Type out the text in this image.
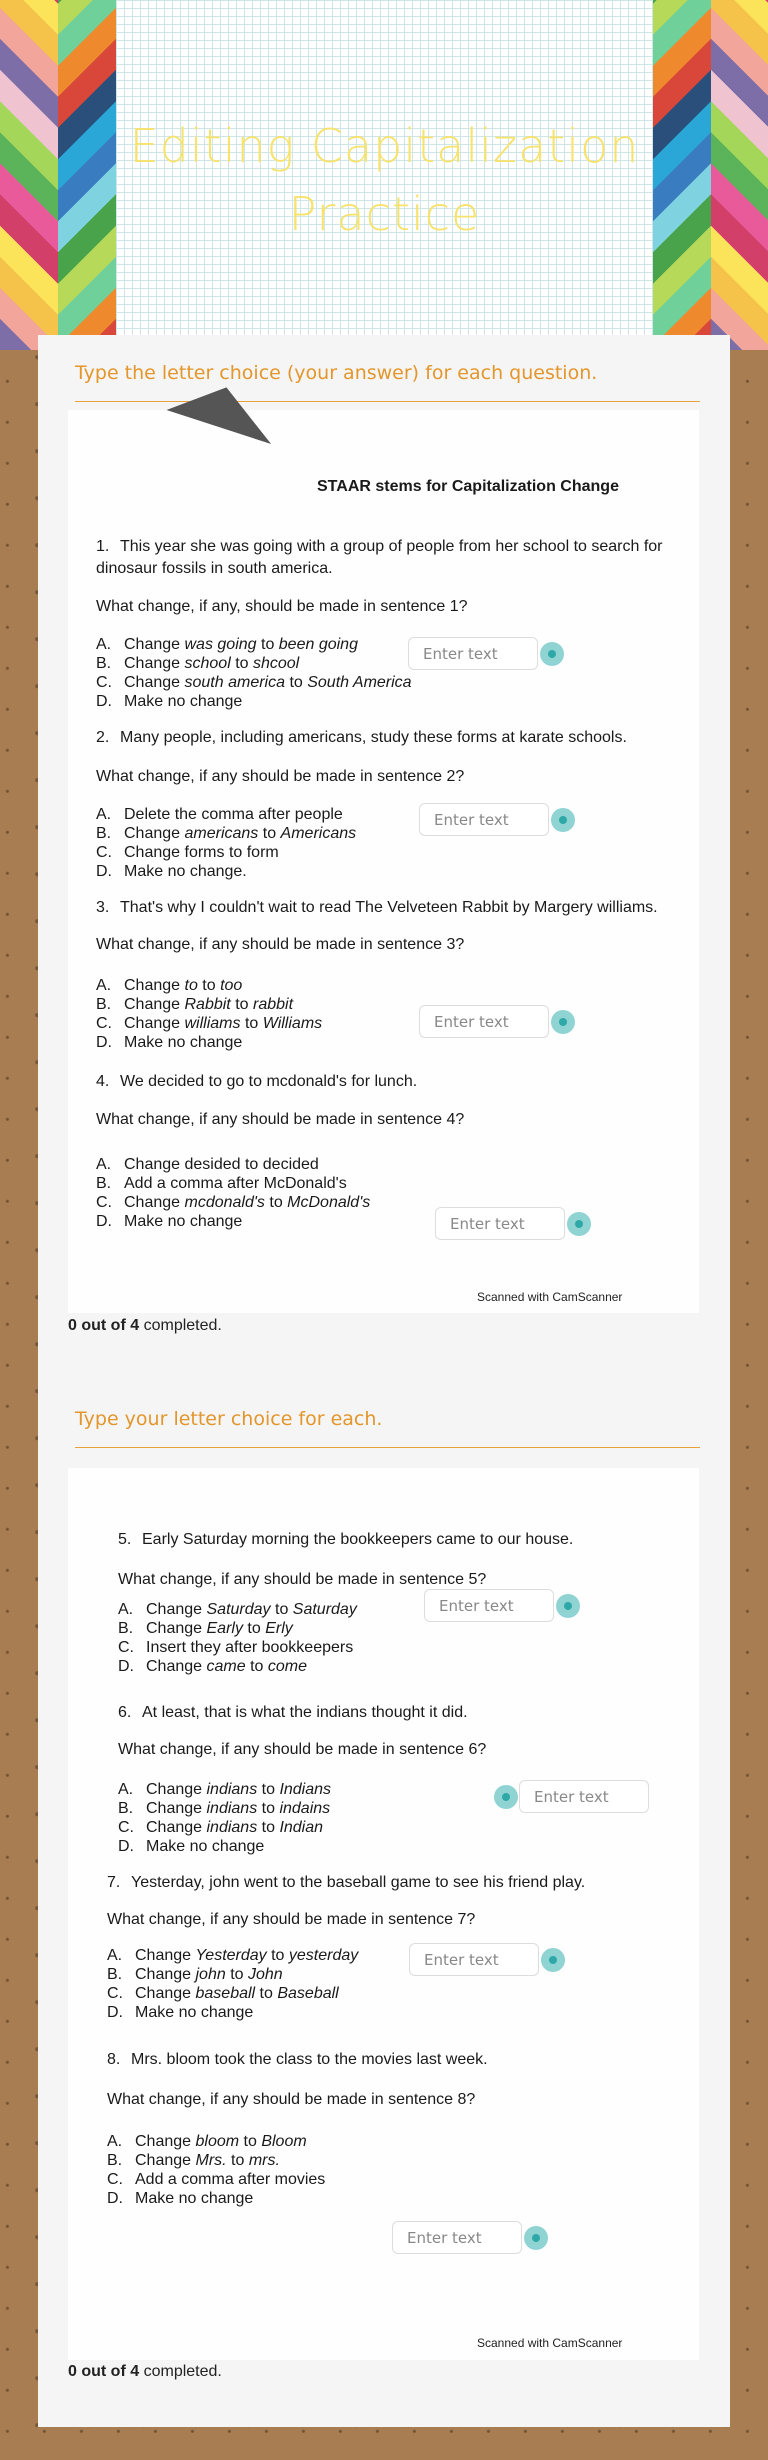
Editing Capitalization Practice
Type the letter choice (your answer) for each question.
STAAR stems for Capitalization Change
Scanned with CamScanner
0 out of 4 completed.
Type your letter choice for each.
Scanned with CamScanner
0 out of 4 completed.
1. This year she was going with a group of people from her school to search for
dinosaur fossils in south america.
What change, if any, should be made in sentence 1?
A. Change was going to been going
B. Change school to shcool
C. Change south america to South America
D. Make no change
Enter text
2. Many people, including americans, study these forms at karate schools.
What change, if any should be made in sentence 2?
A. Delete the comma after people
B. Change americans to Americans
C. Change forms to form
D. Make no change.
Enter text
3. That's why I couldn't wait to read The Velveteen Rabbit by Margery williams.
What change, if any should be made in sentence 3?
A. Change to to too
B. Change Rabbit to rabbit
C. Change williams to Williams
D. Make no change
Enter text
4. We decided to go to mcdonald's for lunch.
What change, if any should be made in sentence 4?
A. Change desided to decided
B. Add a comma after McDonald's
C. Change mcdonald's to McDonald's
D. Make no change	Enter text
5. Early Saturday morning the bookkeepers came to our house.
What change, if any should be made in sentence 5?
A. Change Saturday to Saturday
B. Change Early to Erly
C. Insert they after bookkeepers
D. Change came to come
Enter text
6. At least, that is what the indians thought it did.
What change, if any should be made in sentence 6?
A. Change indians to Indians
B. Change indians to indains
C. Change indians to Indian
D. Make no change
Enter text
7. Yesterday, john went to the baseball game to see his friend play.
What change, if any should be made in sentence 7?
A. Change Yesterday to yesterday
B. Change john to John
C. Change baseball to Baseball
D. Make no change
Enter text
8. Mrs. bloom took the class to the movies last week.
What change, if any should be made in sentence 8?
A. Change bloom to Bloom
B. Change Mrs. to mrs.
C. Add a comma after movies
D. Make no change
Enter text
